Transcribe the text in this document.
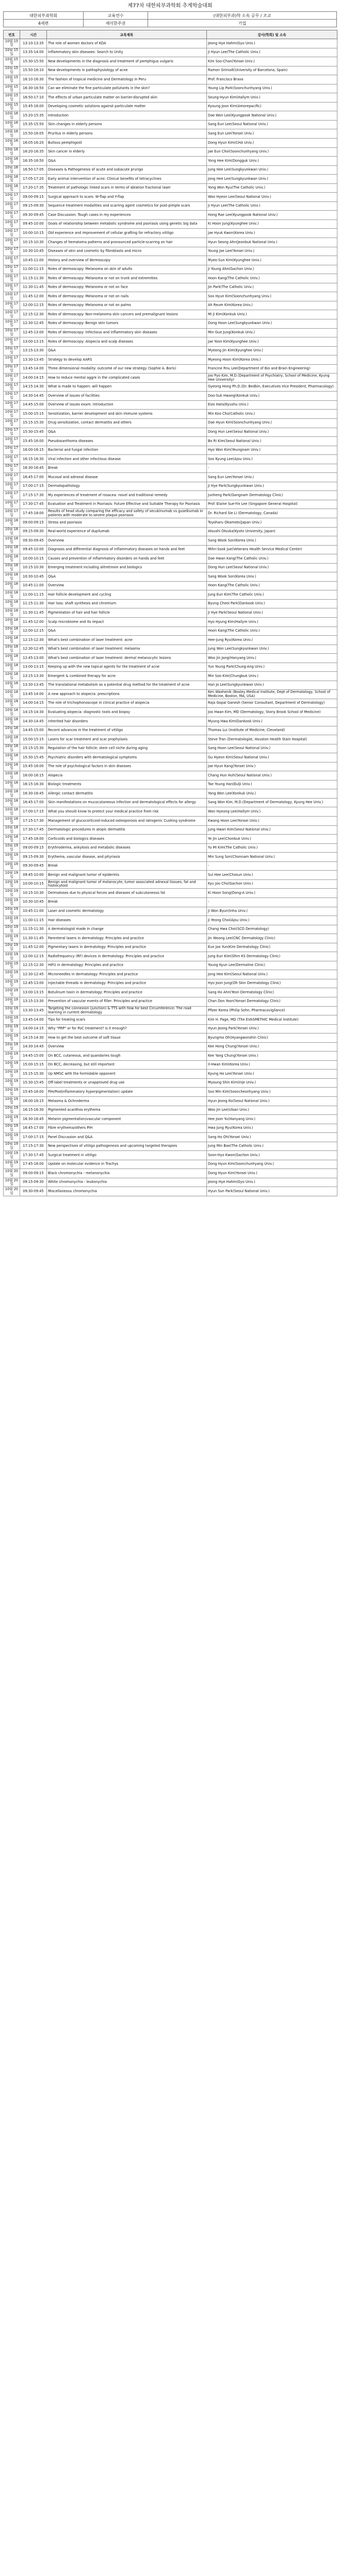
제77차 대한피부과학회 추계학술대회
대한피부과학회	교육연수	(대한피부과)학 소속 공무 / 조교
4세편	세미한주권	기업
번호	시간	교육제목	강사(학회) 및 소속
10월 15일	13:10-13:35	The role of women doctors of KDA	Jeong Hye Hahm(Gyo Univ.)
10월 15일	13:35-14:00	Inflammatory skin diseases: Search to Unity	Ji Hyun Lee(The Catholic Univ.)
10월 15일	15:30-15:50	New developments in the diagnosis and treatment of pemphigus vulgaris	Kim Soo-Chan(Yonsei Univ.)
10월 15일	15:50-16:10	New developments in pathophysiology of acne	Ramon Grimalt(University of Barcelona, Spain)
10월 15일	16:10-16:30	The fashion of tropical medicine and Dermatology in Peru	Prof. Francisco Bravo
10월 15일	16:30-16:50	Can we eliminate the fine particulate pollutants in the skin?	Young Lip Park(Soonchunhyang Univ.)
10월 15일	16:50-17:10	The effects of urban particulate matter on barrier-disrupted skin	Seung-Hyun Kim(Hallym Univ.)
10월 15일	15:45-16:00	Developing cosmetic solutions against particulate matter	Kyoung Joon Kim(Amorepacific)
10월 16일	15:20-15:35	Introduction	Dae Won Lee(Kyungpook National Univ.)
10월 16일	15:35-15:50	Skin changes in elderly persons	Sang Eun Lee(Seoul National Univ.)
10월 16일	15:50-16:05	Pruritus in elderly persons	Sang Eun Lee(Yonsei Univ.)
10월 16일	16:05-16:20	Bullous pemphigoid	Dong Hyun Kim(CHA Univ.)
10월 16일	16:20-16:35	Skin cancer in elderly	Jae Eun Choi(Soonchunhyang Univ.)
10월 16일	16:35-16:50	Q&A	Yong Hee Kim(Dongguk Univ.)
10월 16일	16:50-17:05	Diseases & Pathogenesis of acute and subacute prurigo	Jung Hee Lee(Sungkyunkwan Univ.)
10월 16일	17:05-17:20	Early animal intervention of acne: Clinical benefits of tetracyclines	Jong Hee Lee(Sungkyunkwan Univ.)
10월 16일	17:20-17:35	Treatment of pathologic linked scars in terms of ablation fractional laser	Yong Won Ryu(The Catholic Univ.)
10월 17일	09:00-09:15	Surgical approach to scars: W-flap and Y-flap	Woo Hyeon Lee(Seoul National Univ.)
10월 17일	09:15-09:30	Sequence treatment modalities and scarring agent cosmetics for post-pimple scars	Ji Hyun Lee(The Catholic Univ.)
10월 17일	09:30-09:45	Case Discussion: Tough cases in my experiences	Hong Rae Lee(Kyungpook National Univ.)
10월 17일	09:45-10:00	Goals of relationship between metabolic syndrome and psoriasis using genetic big data	Ki Hoon Jung(Kyunghee Univ.)
10월 17일	10:00-10:15	Old experience and improvement of cellular grafting for refractory vitiligo	Jae Hyuk Kwon(Korea Univ.)
10월 17일	10:15-10:30	Changes of hematoma patterns and pronounced particle-scarring on hair	Hyun Seong Ahn(Jeonbuk National Univ.)
10월 17일	10:30-10:45	Diseases of skin and cosmetic by fibroblasts and micro	Young Jae Lee(Yonsei Univ.)
10월 17일	10:45-11:00	History and overview of dermoscopy	Myeo-Sun Kim(Kyunghee Univ.)
10월 17일	11:00-11:15	Roles of dermoscopy: Melanoma on skin of adults	Ji Young Ahn(Gachon Univ.)
10월 17일	11:15-11:30	Roles of dermoscopy: Melanoma or not on trunk and extremities	Hoon Kang(The Catholic Univ.)
10월 17일	11:30-11:45	Roles of dermoscopy: Melanoma or not on face	Jin Park(The Catholic Univ.)
10월 17일	11:45-12:00	Roles of dermoscopy: Melanoma or not on nails	Soo Hyun Kim(Soonchunhyang Univ.)
10월 17일	12:00-12:15	Roles of dermoscopy: Melanoma or not on palms	Ah Reum Kim(Korea Univ.)
10월 17일	12:15-12:30	Roles of dermoscopy: Non-melanoma skin cancers and premalignant lesions	Mi Ji Kim(Konkuk Univ.)
10월 17일	12:30-12:45	Roles of dermoscopy: Benign skin tumors	Dong Hoon Lee(Sungkyunkwan Univ.)
10월 17일	12:45-13:00	Roles of dermoscopy: Infectious and inflammatory skin diseases	Min Gue Jung(Konkuk Univ.)
10월 17일	13:00-13:15	Roles of dermoscopy: Alopecia and scalp diseases	Jae Yoon Kim(Kyunghee Univ.)
10월 17일	13:15-13:30	Q&A	Myeong Jin Kim(Kyunghee Univ.)
10월 17일	13:30-13:45	Strategy to develop AARS	Myeong Hoon Kim(Korea Univ.)
10월 17일	13:45-14:00	Three dimensional modality: outcome of our new strategy (Sophie A. Boris)	Francine Rnu Lee(Department of Bio and Brain Engineering)
10월 17일	14:00-14:15	How to reduce mental aggre in the complicated cases	Joo Pyo Kim, M.D.(Department of Psychiatry, School of Medicine, Kyung Hee University)
10월 17일	14:15-14:30	What is made to happen: will happen	Gyeong Hong Ph.D.(Dr. Bedbin, Executives Vice President, Pharmacology)
10월 17일	14:30-14:45	Overview of issues of facilities	Doo-Suk Hwang(Konkuk Univ.)
10월 17일	14:45-15:00	Overview of issues exam: introduction	Eizo Hata(Kyushu Univ.)
10월 17일	15:00-15:15	Sensitization, barrier development and skin immune systems	Min Koo Cho(Catholic Univ.)
10월 17일	15:15-15:30	Drug sensitization, contact dermatitis and others	Dae Hyun Kim(Soonchunhyang Univ.)
10월 17일	15:30-15:45	Q&A	Dong Hun Lee(Seoul National Univ.)
10월 17일	15:45-16:00	Pseudoxanthoma diseases	Bo Ri Kim(Seoul National Univ.)
10월 17일	16:00-16:15	Bacterial and fungal infection	Hyo Won Kim(Yeungnam Univ.)
10월 17일	16:15-16:30	Viral infection and other infectious disease	Soo Kyung Lee(Ajou Univ.)
10월 17일	16:30-16:45	Break	-
10월 17일	16:45-17:00	Mucosal and adnexal disease	Sang Eun Lee(Yonsei Univ.)
10월 17일	17:00-17:15	Dermatopathology	Ji Hye Park(Sungkyunkwan Univ.)
10월 17일	17:15-17:30	My experiences of treatment of rosacea: novel and traditional remedy	Junheng Park(Gangnam Dermatology Clinic)
10월 17일	17:30-17:45	Evaluation and Treatment in Psoriasis: Future Effective and Suitable Therapy for Psoriasis	Prof. Elaine Sue-Yin Lee (Singapore General Hospital)
10월 17일	17:45-18:00	Results of head study comparing the efficacy and safety of secukinumab vs guselkumab in patients with moderate to severe plaque psoriasis	Dr. Richard Sie Li (Dermatology, Canada)
10월 18일	09:00-09:15	Stress and psoriasis	Toyoharu Okamoto(Japan Univ.)
10월 18일	09:15-09:30	Real-world experience of dupilumab	Atsushi Otsuka(Kyoto University, Japan)
10월 18일	09:30-09:45	Overview	Sang Wook Son(Korea Univ.)
10월 18일	09:45-10:00	Diagnosis and differential diagnosis of inflammatory diseases on hands and feet	Mihn-Sook Jue(Veterans Health Service Medical Center)
10월 18일	10:00-10:15	Causes and prevention of inflammatory disorders on hands and feet	Dae Hwan Kang(The Catholic Univ.)
10월 18일	10:15-10:30	Emerging treatment including alitretinoin and biologics	Dong Hun Lee(Seoul National Univ.)
10월 18일	10:30-10:45	Q&A	Sang Wook Son(Korea Univ.)
10월 18일	10:45-11:00	Overview	Hoon Kang(The Catholic Univ.)
10월 18일	11:00-11:15	Hair follicle development and cycling	Jung Eun Kim(The Catholic Univ.)
10월 18일	11:15-11:30	Hair loss: shaft synthesis and chromium	Byung Cheol Park(Dankook Univ.)
10월 18일	11:30-11:45	Pigmentation of hair and hair follicle	Ji Hye Park(Seoul National Univ.)
10월 18일	11:45-12:00	Scalp microbiome and its impact	Hyo Hyung Kim(Hallym Univ.)
10월 18일	12:00-12:15	Q&A	Hoon Kang(The Catholic Univ.)
10월 18일	12:15-12:30	What's best combination of laser treatment: acne	Hee-Jung Ryu(Korea Univ.)
10월 18일	12:30-12:45	What's best combination of laser treatment: melasma	Jung Won Lee(Sungkyunkwan Univ.)
10월 18일	12:45-13:00	What's best combination of laser treatment: dermal melanocytic lesions	Woo Jin Jang(Hanyang Univ.)
10월 18일	13:00-13:15	Keeping up with the new topical agents for the treatment of acne	Yun Young Park(Chung-Ang Univ.)
10월 18일	13:15-13:30	Emergent & combined therapy for acne	Min Soo Kim(Chungbuk Univ.)
10월 18일	13:30-13:45	The translational metabolism as a potential drug method for the treatment of acne	Han Jo Lee(Sungkyunkwan Univ.)
10월 18일	13:45-14:00	A new approach to alopecia: prescriptions	Ken Washenik (Bosley Medical Institute, Dept of Dermatology, School of Medicine, Boston, MA, USA)
10월 18일	14:00-14:15	The role of trichophonoscope in clinical practice of alopecia	Raja Gopal Ganesh (Senior Consultant, Department of Dermatology)
10월 18일	14:15-14:30	Evaluating alopecia: diagnostic tools and biopsy	Joo Hwan Kim, MD (Dermatology, Stony Brook School of Medicine)
10월 18일	14:30-14:45	Inherited hair disorders	Myung Hwa Kim(Dankook Univ.)
10월 18일	14:45-15:00	Recent advances in the treatment of vitiligo	Thomas Lui (Institute of Medicine, Cleveland)
10월 18일	15:00-15:15	Lasers for scar treatment and scar prophylaxis	Steve Tran (Dermatologist, Houston Health Stain Hospital)
10월 18일	15:15-15:30	Regulation of the hair follicle: stem cell niche during aging	Sang Hoon Lee(Seoul National Univ.)
10월 18일	15:30-15:45	Psychiatric disorders with dermatological symptoms	Gu Hyeon Kim(Seoul National Univ.)
10월 18일	15:45-16:00	The role of psychological factors in skin diseases	Jae Hyun Kang(Yonsei Univ.)
10월 18일	16:00-16:15	Alopecia	Chang Hun Huh(Seoul National Univ.)
10월 18일	16:15-16:30	Biologic treatments	Tae Young Han(Eulji Univ.)
10월 18일	16:30-16:45	Allergic contact dermatitis	Yang Won Lee(Konkuk Univ.)
10월 18일	16:45-17:00	Skin manifestations on mucocutaneous infection and dermatological effects for allergy	Sang Won Kim, M.D.(Department of Dermatology, Kyung Hee Univ.)
10월 18일	17:00-17:15	What you should know to protect your medical practice from risk	Won Hyeong Lee(Hallym Univ.)
10월 18일	17:15-17:30	Management of glucocorticoid-induced osteoporosis and iatrogenic Cushing syndrome	Kwang Hoon Lee(Yonsei Univ.)
10월 18일	17:30-17:45	Dermatologic procedures in atopic dermatitis	Jung Hwan Kim(Seoul National Univ.)
10월 18일	17:45-18:00	Corticoids and biologics diseases	Ye Jin Lee(Chonbuk Univ.)
10월 19일	09:00-09:15	Erythroderma, ankylosis and metabolic diseases	Yu Mi Kim(The Catholic Univ.)
10월 19일	09:15-09:30	Erythema, vascular disease, and pityriasis	Min Sung Son(Chonnam National Univ.)
10월 19일	09:30-09:45	Break	-
10월 19일	09:45-10:00	Benign and malignant tumor of epidermis	Sul Hee Lee(Chosun Univ.)
10월 19일	10:00-10:15	Benign and malignant tumor of melanocyte, tumor associated adnexal tissues, fat and histiocytoid	Kyu Joo Cho(Gachon Univ.)
10월 19일	10:15-10:30	Dermatoses due to physical forces and diseases of subcutaneous fat	Ki Hoon Song(Dong-A Univ.)
10월 19일	10:30-10:45	Break	-
10월 19일	10:45-11:00	Laser and cosmetic dermatology	Ji Won Byun(Inha Univ.)
10월 19일	11:00-11:15	Hair diseases	Ji Yeong Choi(Ajou Univ.)
10월 19일	11:15-11:30	A dermatologist made in change	Chang Hwa Choi(SCD Dermatology)
10월 19일	11:30-11:45	Parenteral lasers in dermatology: Principles and practice	Jin Woong Lee(CNC Dermatology Clinic)
10월 19일	11:45-12:00	Pigmentary lasers in dermatology: Principles and practice	Eun Joo Yun(Kim Dermatology Clinic)
10월 19일	12:00-12:15	Radiofrequency (RF) devices in dermatology: Principles and practice	Jung Eun Kim(Ohm KS Dermatology Clinic)
10월 19일	12:15-12:30	HIFU in dermatology: Principles and practice	Young Kyun Lee(Dermaline Clinic)
10월 19일	12:30-12:45	Microneedles in dermatology: Principles and practice	Jong Hee Kim(Seoul National Univ.)
10월 19일	12:45-13:00	Injectable threads in dermatology: Principles and practice	Hyo Joon Jung(Oh Skin Dermatology Clinic)
10월 19일	13:00-13:15	Botulinum toxin in dermatology: Principles and practice	Sang Ho Ahn(Yeon Dermatology Clinic)
10월 19일	13:15-13:30	Prevention of vascular events of filler: Principles and practice	Chan Don Yoon(Yonsei Dermatology Clinic)
10월 19일	13:30-13:45	Targeting the connexion (junction) & TTS with flow for best Circumference: The road learning in current dermatology	Pfizer Korea (Philip Sohn, Pharmacovigilance)
10월 19일	13:45-14:00	Tips for treating scars	Kim H. Page, MD (The EVASMETHIC Medical Institute)
10월 19일	14:00-14:15	Why "PRP" or for PoC treatment? is it enough?	Hyun Jeong Park(Yonsei Univ.)
10월 19일	14:15-14:30	How to get the best outcome of soft tissue	Byungmo Oh(Hyangwonshin Clinic)
10월 19일	14:30-14:45	Overview	Kee Hong Chung(Yonsei Univ.)
10월 19일	14:45-15:00	On BCC, cutaneous, and quandaries tough	Kee Yang Chung(Yonsei Univ.)
10월 19일	15:00-15:15	On BCC, decreasing, but still important	Il-Hwan Kim(Korea Univ.)
10월 19일	15:15-15:30	Up NMSC with the formidable opponent	Kyung Ho Lee(Yonsei Univ.)
10월 19일	15:30-15:45	Off-label treatments or unapproved drug use	Myoung Shin Kim(Inje Univ.)
10월 19일	15:45-16:00	PIH/Postinflammatory hyperpigmentation) update	Soo Min Kim(Sooncheonhyang Univ.)
10월 19일	16:00-16:15	Melasma & Ochroderma	Hyun Jeong Ko(Seoul National Univ.)
10월 19일	16:15-16:30	Pigmented acanthos erythema	Woo Jin Lee(Ulsan Univ.)
10월 19일	16:30-16:45	Melanin pigmentation/vascular component	Hee Joon Yu(Hanyang Univ.)
10월 19일	16:45-17:00	Fibre erythema/others PIH	Hwa Jung Ryu(Korea Univ.)
10월 19일	17:00-17:15	Panel Discussion and Q&A	Sang Ho Oh(Yonsei Univ.)
10월 19일	17:15-17:30	New perspectives of vitiligo pathogenesis and upcoming targeted therapies	Jung Min Bae(The Catholic Univ.)
10월 19일	17:30-17:45	Surgical treatment in vitiligo	Soon-Hyo Kwon(Gachon Univ.)
10월 19일	17:45-18:00	Update on molecular evidence in Trachys	Dong Hyun Kim(Soonchunhyang Univ.)
10월 20일	09:00-09:15	Black chromonychia - melanonychia	Dong Hyun Kim(Yonsei Univ.)
10월 20일	09:15-09:30	White chromonychia - leukonychia	Jeong Hye Hahm(Gyo Univ.)
10월 20일	09:30-09:45	Miscellaneous chromonychia	Hyun Sun Park(Seoul National Univ.)
